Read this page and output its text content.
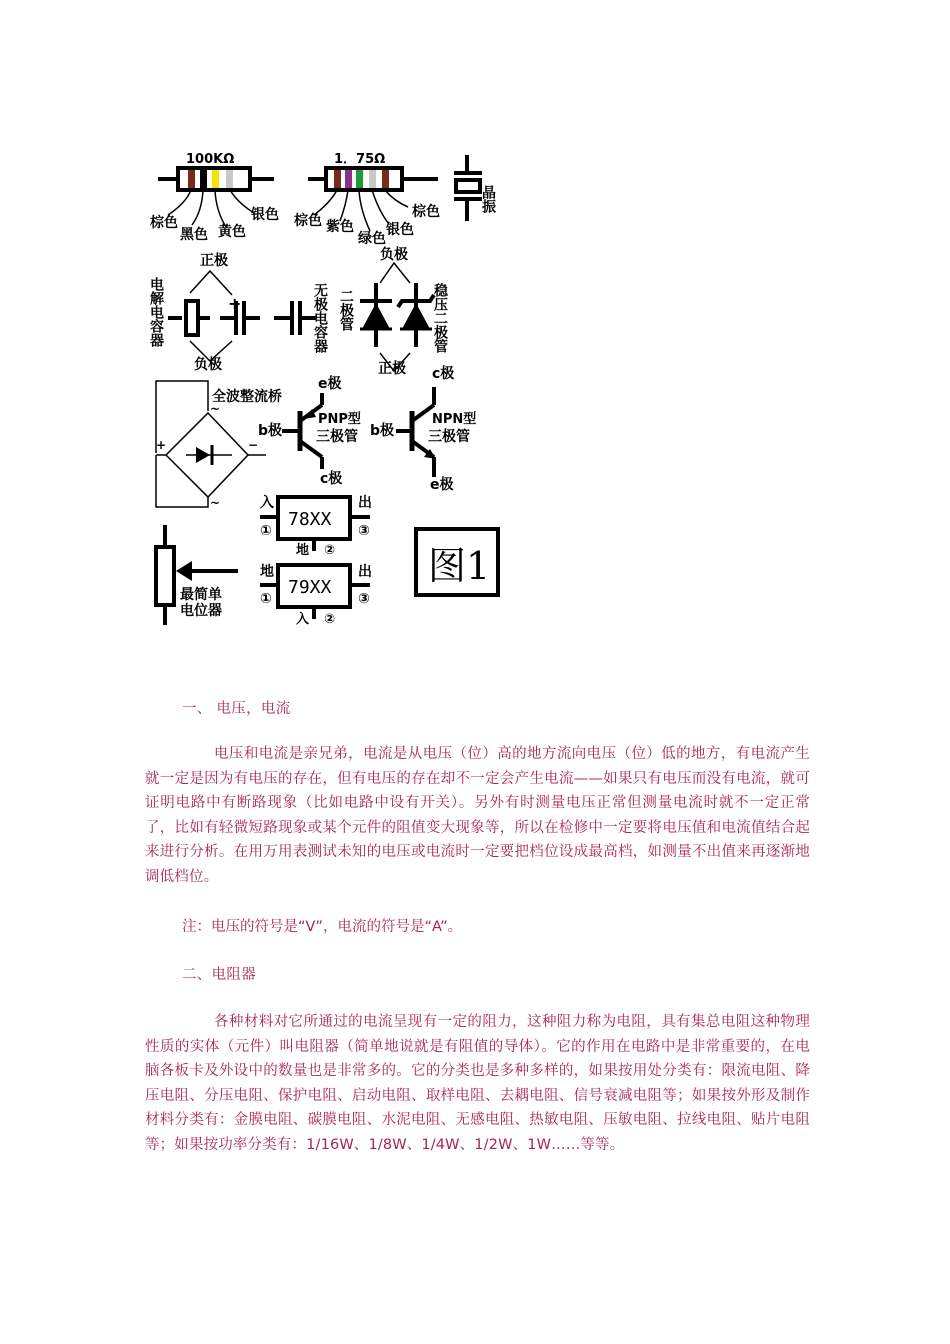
100KΩ
棕色
黑色 黄色
银色
1．75Ω
棕色 紫色
绿色
银色
棕色	晶振
电解电容器
正极
+
负极
无极电容器 二极管
负极
正极
稳压二极管
全波整流桥
+	−
~
~
e极
b极
c极
PNP型
三极管
c极
b极
e极
NPN型
三极管
78XX
入
①
出
③
地 ②
79XX
地
①
出
③
入 ②
最简单
电位器
图1
一、 电压，电流

电压和电流是亲兄弟，电流是从电压（位）高的地方流向电压（位）低的地方，有电流产生就一定是因为有电压的存在，但有电压的存在却不一定会产生电流——如果只有电压而没有电流，就可证明电路中有断路现象（比如电路中设有开关）。另外有时测量电压正常但测量电流时就不一定正常了，比如有轻微短路现象或某个元件的阻值变大现象等，所以在检修中一定要将电压值和电流值结合起来进行分析。在用万用表测试未知的电压或电流时一定要把档位设成最高档，如测量不出值来再逐渐地调低档位。

注：电压的符号是“V”，电流的符号是“A”。
二、电阻器

各种材料对它所通过的电流呈现有一定的阻力，这种阻力称为电阻，具有集总电阻这种物理性质的实体（元件）叫电阻器（简单地说就是有阻值的导体）。它的作用在电路中是非常重要的，在电脑各板卡及外设中的数量也是非常多的。它的分类也是多种多样的，如果按用处分类有：限流电阻、降压电阻、分压电阻、保护电阻、启动电阻、取样电阻、去耦电阻、信号衰减电阻等；如果按外形及制作材料分类有：金膜电阻、碳膜电阻、水泥电阻、无感电阻、热敏电阻、压敏电阻、拉线电阻、贴片电阻等；如果按功率分类有：1/16W、1/8W、1/4W、1/2W、1W……等等。
